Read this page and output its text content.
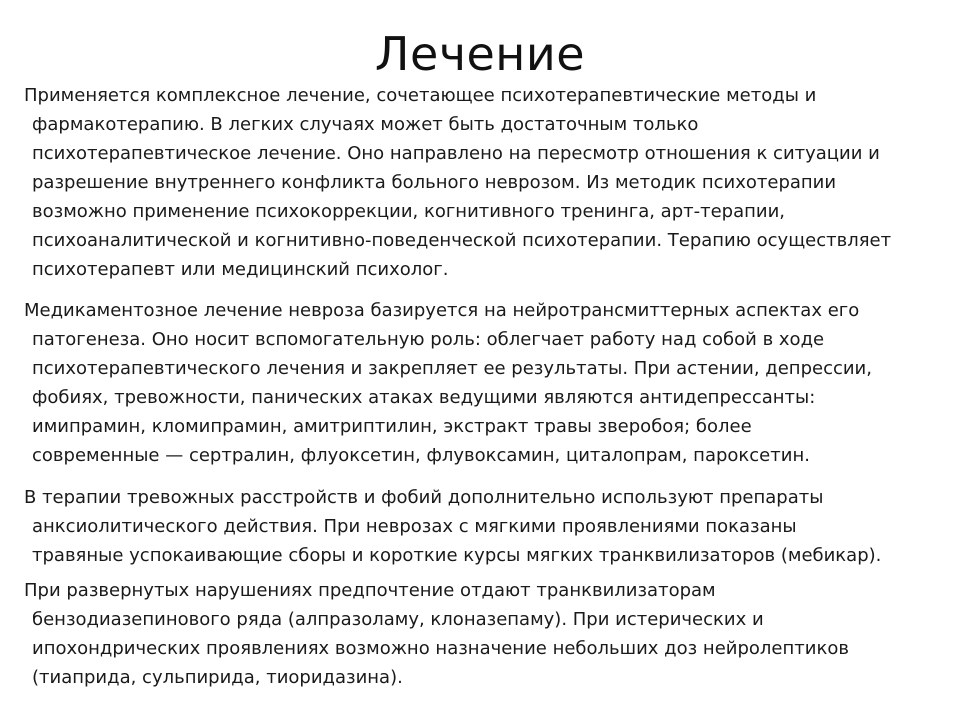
Лечение
Применяется комплексное лечение, сочетающее психотерапевтические методы и
фармакотерапию. В легких случаях может быть достаточным только
психотерапевтическое лечение. Оно направлено на пересмотр отношения к ситуации и
разрешение внутреннего конфликта больного неврозом. Из методик психотерапии
возможно применение психокоррекции, когнитивного тренинга, арт-терапии,
психоаналитической и когнитивно-поведенческой психотерапии. Терапию осуществляет
психотерапевт или медицинский психолог.
Медикаментозное лечение невроза базируется на нейротрансмиттерных аспектах его
патогенеза. Оно носит вспомогательную роль: облегчает работу над собой в ходе
психотерапевтического лечения и закрепляет ее результаты. При астении, депрессии,
фобиях, тревожности, панических атаках ведущими являются антидепрессанты:
имипрамин, кломипрамин, амитриптилин, экстракт травы зверобоя; более
современные — сертралин, флуоксетин, флувоксамин, циталопрам, пароксетин.
В терапии тревожных расстройств и фобий дополнительно используют препараты
анксиолитического действия. При неврозах с мягкими проявлениями показаны
травяные успокаивающие сборы и короткие курсы мягких транквилизаторов (мебикар).
При развернутых нарушениях предпочтение отдают транквилизаторам
бензодиазепинового ряда (алпразоламу, клоназепаму). При истерических и
ипохондрических проявлениях возможно назначение небольших доз нейролептиков
(тиаприда, сульпирида, тиоридазина).
